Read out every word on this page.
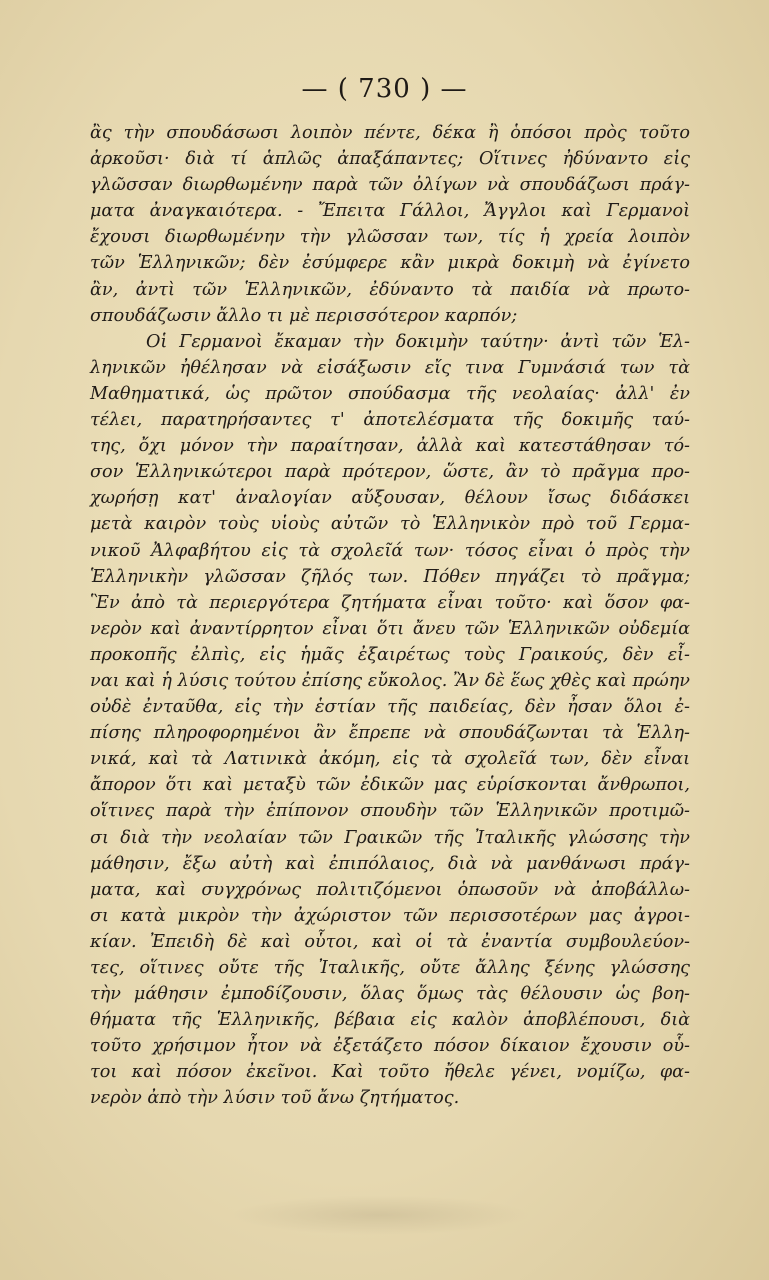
— ( 730 ) —
ἂς τὴν σπουδάσωσι λοιπὸν πέντε, δέκα ἢ ὁπόσοι πρὸς τοῦτο
ἀρκοῦσι· διὰ τί ἁπλῶς ἀπαξάπαντες; Οἵτινες ἠδύναντο εἰς
γλῶσσαν διωρθωμένην παρὰ τῶν ὀλίγων νὰ σπουδάζωσι πράγ-
ματα ἀναγκαιότερα. - Ἔπειτα Γάλλοι, Ἄγγλοι καὶ Γερμανοὶ
ἔχουσι διωρθωμένην τὴν γλῶσσαν των, τίς ἡ χρεία λοιπὸν
τῶν Ἑλληνικῶν; δὲν ἐσύμφερε κἂν μικρὰ δοκιμὴ νὰ ἐγίνετο
ἂν, ἀντὶ τῶν Ἑλληνικῶν, ἐδύναντο τὰ παιδία νὰ πρωτο-
σπουδάζωσιν ἄλλο τι μὲ περισσότερον καρπόν;
Οἱ Γερμανοὶ ἔκαμαν τὴν δοκιμὴν ταύτην· ἀντὶ τῶν Ἑλ-
ληνικῶν ἠθέλησαν νὰ εἰσάξωσιν εἴς τινα Γυμνάσιά των τὰ
Μαθηματικά, ὡς πρῶτον σπούδασμα τῆς νεολαίας· ἀλλ' ἐν
τέλει, παρατηρήσαντες τ' ἀποτελέσματα τῆς δοκιμῆς ταύ-
της, ὄχι μόνον τὴν παραίτησαν, ἀλλὰ καὶ κατεστάθησαν τό-
σον Ἑλληνικώτεροι παρὰ πρότερον, ὥστε, ἂν τὸ πρᾶγμα προ-
χωρήσῃ κατ' ἀναλογίαν αὔξουσαν, θέλουν ἴσως διδάσκει
μετὰ καιρὸν τοὺς υἱοὺς αὐτῶν τὸ Ἑλληνικὸν πρὸ τοῦ Γερμα-
νικοῦ Ἀλφαβήτου εἰς τὰ σχολεῖά των· τόσος εἶναι ὁ πρὸς τὴν
Ἑλληνικὴν γλῶσσαν ζῆλός των. Πόθεν πηγάζει τὸ πρᾶγμα;
Ἓν ἀπὸ τὰ περιεργότερα ζητήματα εἶναι τοῦτο· καὶ ὅσον φα-
νερὸν καὶ ἀναντίρρητον εἶναι ὅτι ἄνευ τῶν Ἑλληνικῶν οὐδεμία
προκοπῆς ἐλπὶς, εἰς ἡμᾶς ἐξαιρέτως τοὺς Γραικούς, δὲν εἶ-
ναι καὶ ἡ λύσις τούτου ἐπίσης εὔκολος. Ἂν δὲ ἕως χθὲς καὶ πρώην
οὐδὲ ἐνταῦθα, εἰς τὴν ἑστίαν τῆς παιδείας, δὲν ἦσαν ὅλοι ἐ-
πίσης πληροφορημένοι ἂν ἔπρεπε νὰ σπουδάζωνται τὰ Ἑλλη-
νικά, καὶ τὰ Λατινικὰ ἀκόμη, εἰς τὰ σχολεῖά των, δὲν εἶναι
ἄπορον ὅτι καὶ μεταξὺ τῶν ἐδικῶν μας εὑρίσκονται ἄνθρωποι,
οἵτινες παρὰ τὴν ἐπίπονον σπουδὴν τῶν Ἑλληνικῶν προτιμῶ-
σι διὰ τὴν νεολαίαν τῶν Γραικῶν τῆς Ἰταλικῆς γλώσσης τὴν
μάθησιν, ἔξω αὐτὴ καὶ ἐπιπόλαιος, διὰ νὰ μανθάνωσι πράγ-
ματα, καὶ συγχρόνως πολιτιζόμενοι ὁπωσοῦν νὰ ἀποβάλλω-
σι κατὰ μικρὸν τὴν ἀχώριστον τῶν περισσοτέρων μας ἀγροι-
κίαν. Ἐπειδὴ δὲ καὶ οὗτοι, καὶ οἱ τὰ ἐναντία συμβουλεύον-
τες, οἵτινες οὔτε τῆς Ἰταλικῆς, οὔτε ἄλλης ξένης γλώσσης
τὴν μάθησιν ἐμποδίζουσιν, ὅλας ὅμως τὰς θέλουσιν ὡς βοη-
θήματα τῆς Ἑλληνικῆς, βέβαια εἰς καλὸν ἀποβλέπουσι, διὰ
τοῦτο χρήσιμον ἦτον νὰ ἐξετάζετο πόσον δίκαιον ἔχουσιν οὗ-
τοι καὶ πόσον ἐκεῖνοι. Καὶ τοῦτο ἤθελε γένει, νομίζω, φα-
νερὸν ἀπὸ τὴν λύσιν τοῦ ἄνω ζητήματος.
